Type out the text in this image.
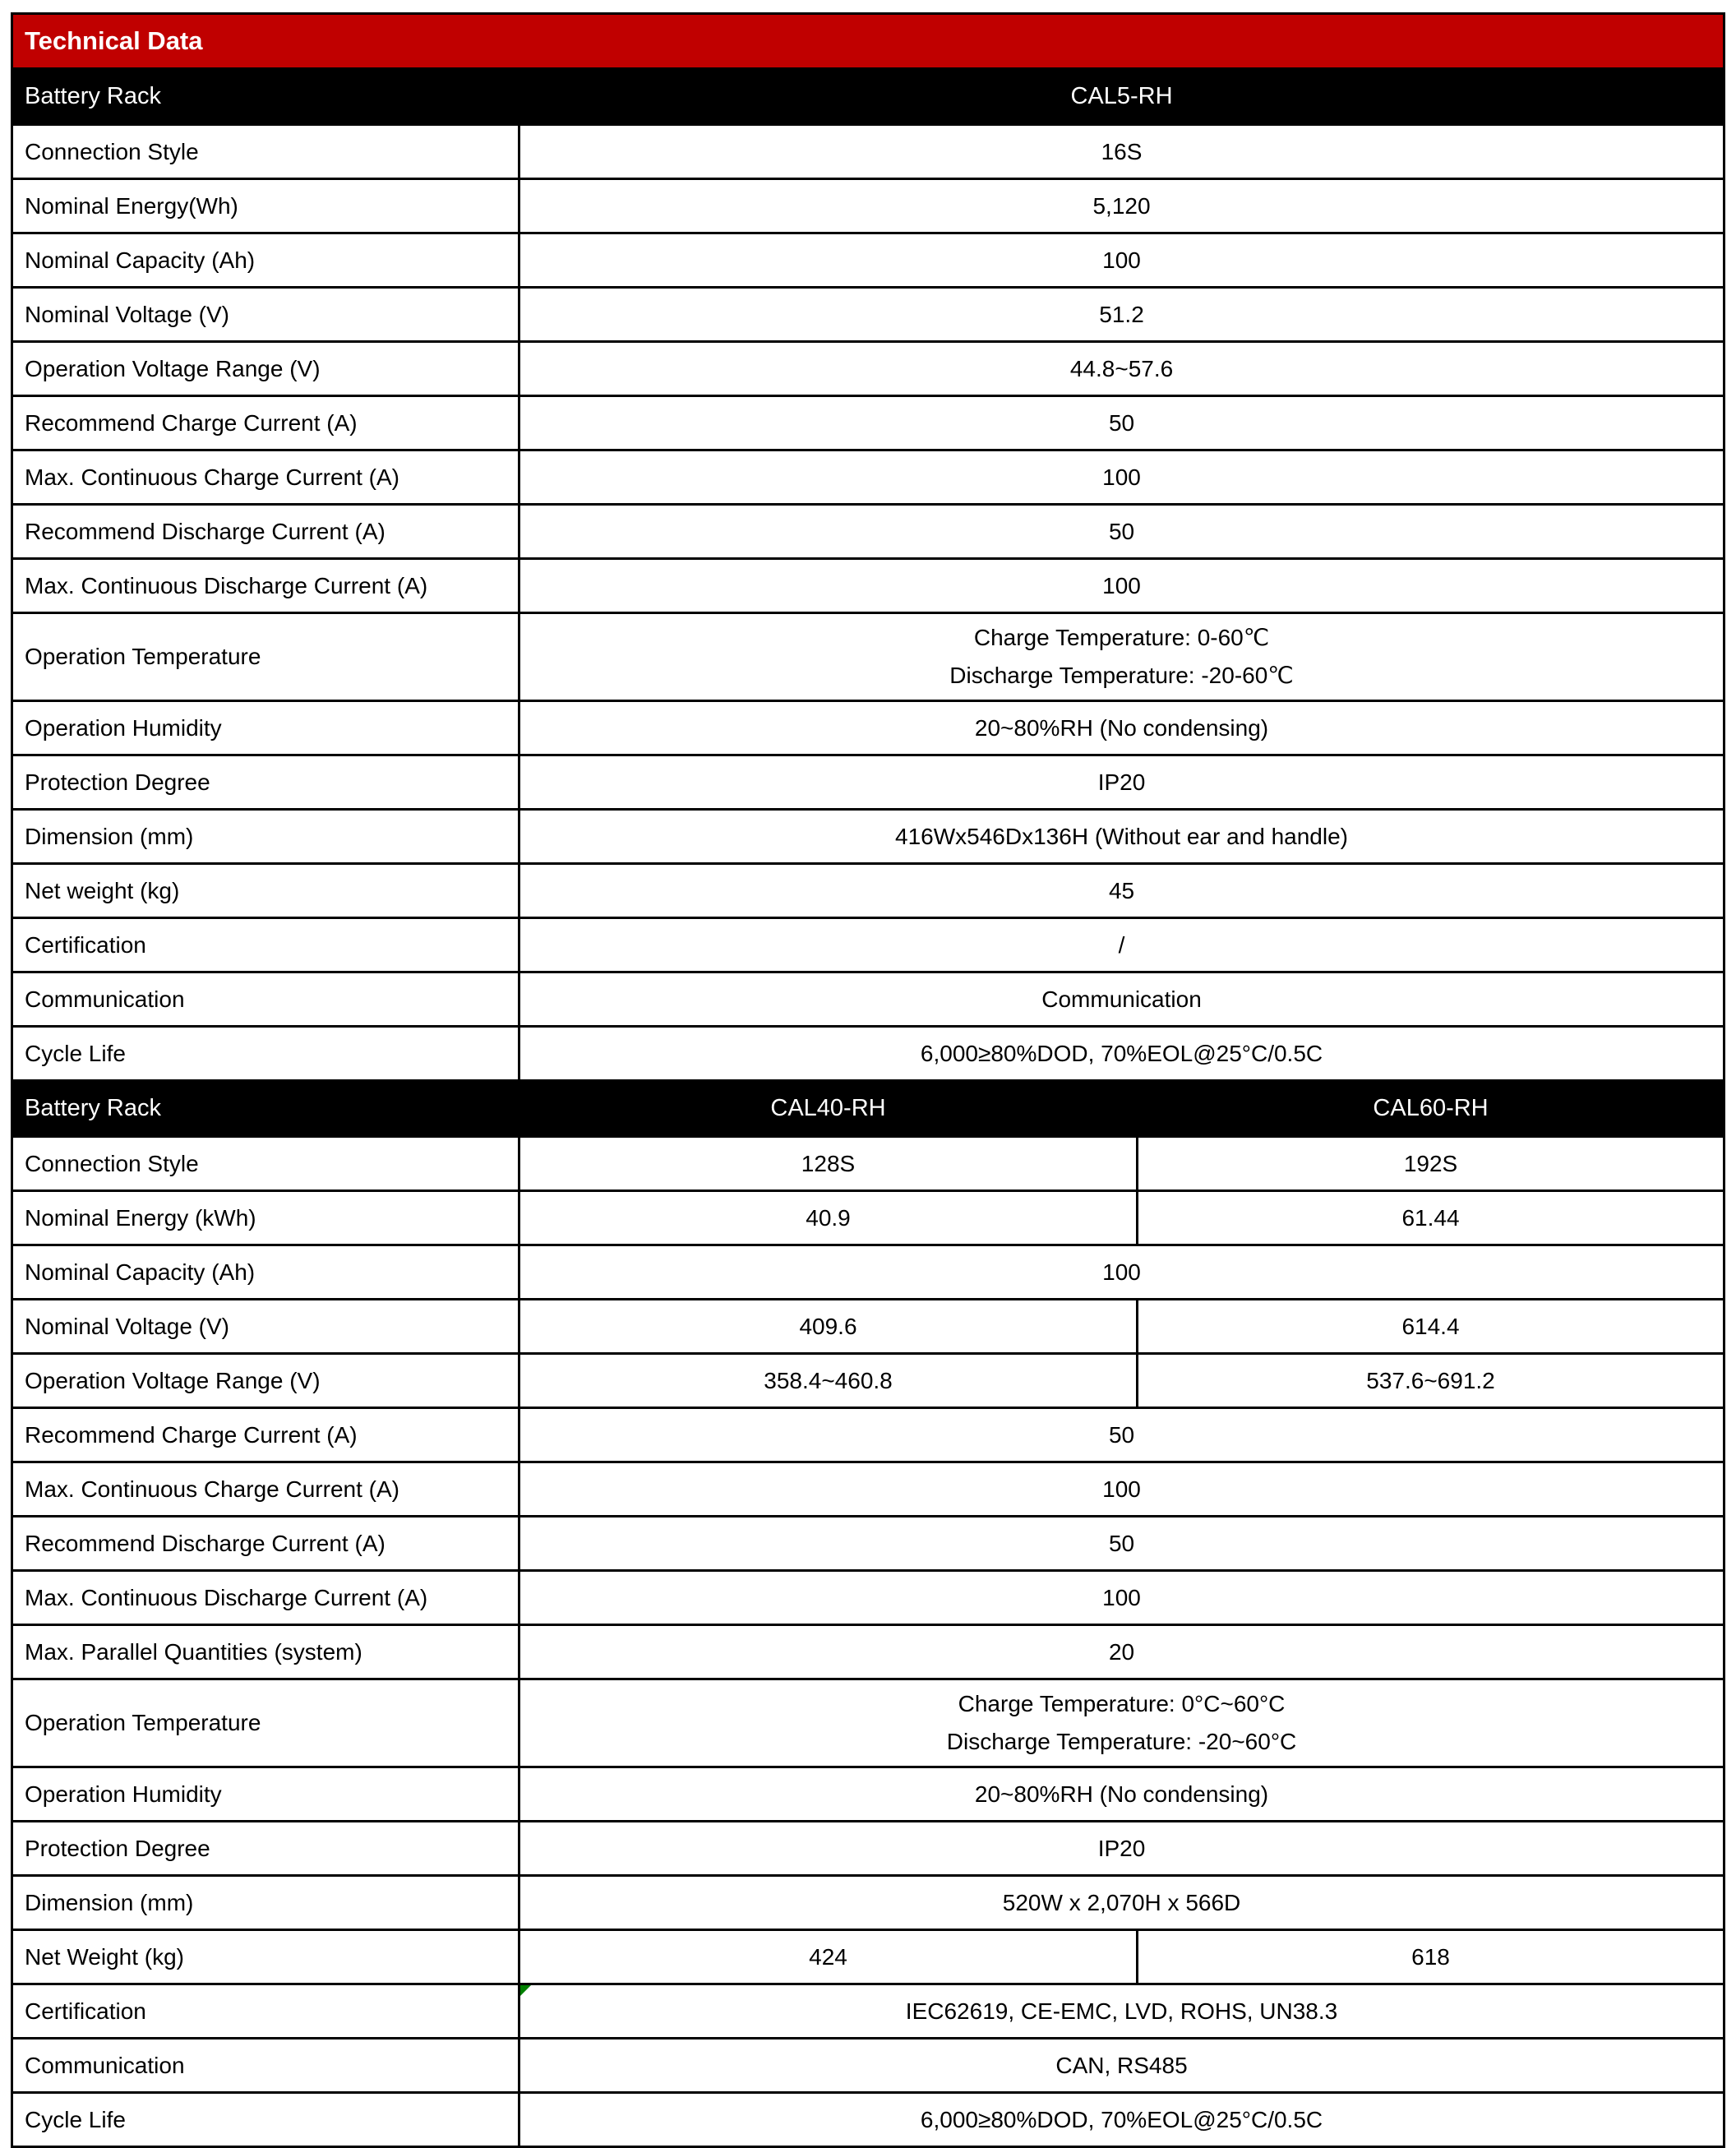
Technical Data		
Battery Rack	CAL5-RH	
Connection Style	16S	
Nominal Energy(Wh)	5,120	
Nominal Capacity (Ah)	100	
Nominal Voltage (V)	51.2	
Operation Voltage Range (V)	44.8~57.6	
Recommend Charge Current (A)	50	
Max. Continuous Charge Current (A)	100	
Recommend Discharge Current (A)	50	
Max. Continuous Discharge Current (A)	100	
Operation Temperature	Charge Temperature: 0-60℃
Discharge Temperature: -20-60℃	

Operation Humidity	20~80%RH (No condensing)	
Protection Degree	IP20	
Dimension (mm)	416Wx546Dx136H (Without ear and handle)	
Net weight (kg)	45	
Certification	/	
Communication	Communication	
Cycle Life	6,000≥80%DOD, 70%EOL@25°C/0.5C	
Battery Rack	CAL40-RH	CAL60-RH
Connection Style	128S	192S
Nominal Energy (kWh)	40.9	61.44
Nominal Capacity (Ah)	100	
Nominal Voltage (V)	409.6	614.4
Operation Voltage Range (V)	358.4~460.8	537.6~691.2
Recommend Charge Current (A)	50	
Max. Continuous Charge Current (A)	100	
Recommend Discharge Current (A)	50	
Max. Continuous Discharge Current (A)	100	
Max. Parallel Quantities (system)	20	
Operation Temperature	Charge Temperature: 0°C~60°C
Discharge Temperature: -20~60°C	

Operation Humidity	20~80%RH (No condensing)	
Protection Degree	IP20	
Dimension (mm)	520W x 2,070H x 566D	
Net Weight (kg)	424	618
Certification	IEC62619, CE-EMC, LVD, ROHS, UN38.3	
Communication	CAN, RS485	
Cycle Life	6,000≥80%DOD, 70%EOL@25°C/0.5C	
